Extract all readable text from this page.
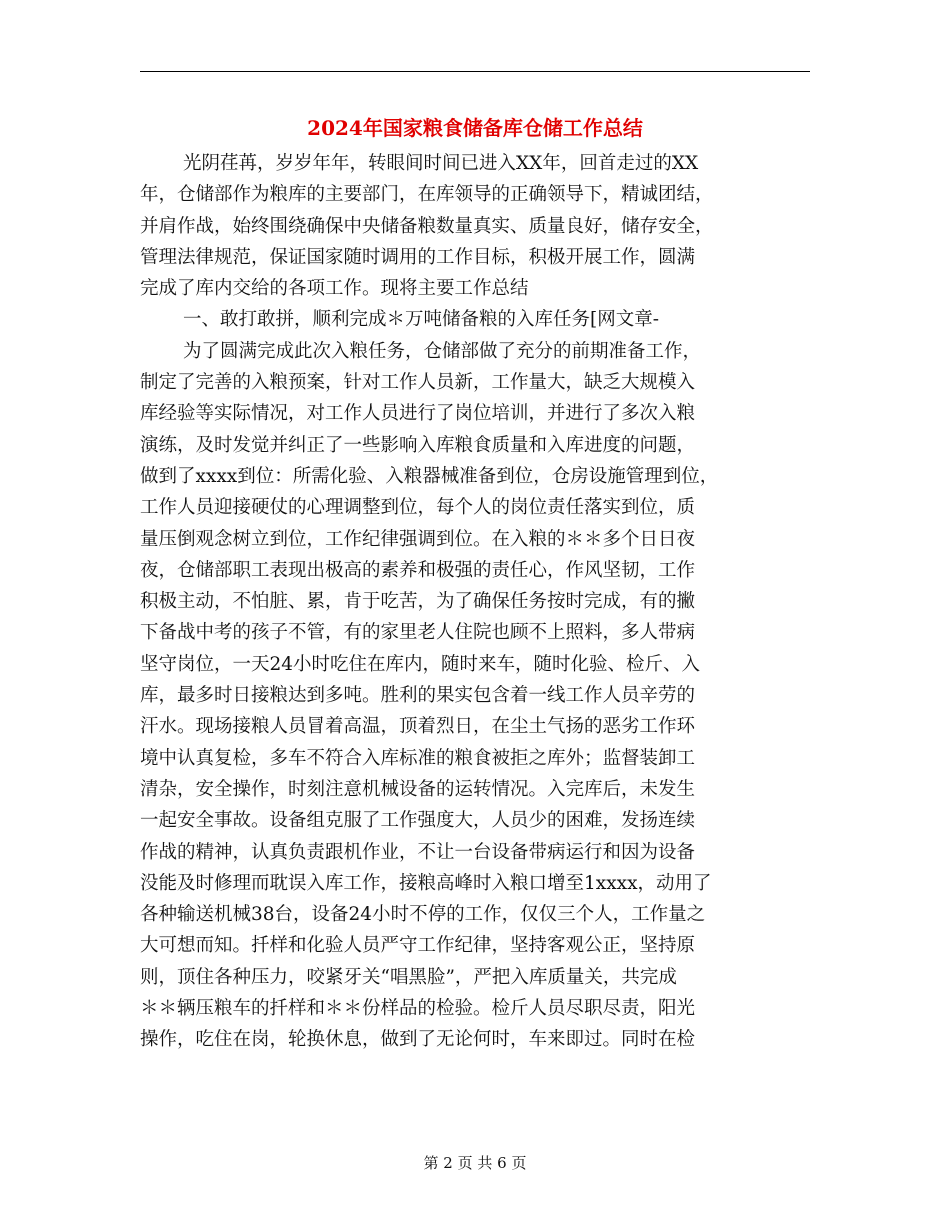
2024年国家粮食储备库仓储工作总结
光阴荏苒，岁岁年年，转眼间时间已进入XX年，回首走过的XX
年，仓储部作为粮库的主要部门，在库领导的正确领导下，精诚团结，
并肩作战，始终围绕确保中央储备粮数量真实、质量良好，储存安全，
管理法律规范，保证国家随时调用的工作目标，积极开展工作，圆满
完成了库内交给的各项工作。现将主要工作总结
一、敢打敢拼，顺利完成＊万吨储备粮的入库任务[网文章-
为了圆满完成此次入粮任务，仓储部做了充分的前期准备工作，
制定了完善的入粮预案，针对工作人员新，工作量大，缺乏大规模入
库经验等实际情况，对工作人员进行了岗位培训，并进行了多次入粮
演练，及时发觉并纠正了一些影响入库粮食质量和入库进度的问题，
做到了xxxx到位：所需化验、入粮器械准备到位，仓房设施管理到位，
工作人员迎接硬仗的心理调整到位，每个人的岗位责任落实到位，质
量压倒观念树立到位，工作纪律强调到位。在入粮的＊＊多个日日夜
夜，仓储部职工表现出极高的素养和极强的责任心，作风坚韧，工作
积极主动，不怕脏、累，肯于吃苦，为了确保任务按时完成，有的撇
下备战中考的孩子不管，有的家里老人住院也顾不上照料，多人带病
坚守岗位，一天24小时吃住在库内，随时来车，随时化验、检斤、入
库，最多时日接粮达到多吨。胜利的果实包含着一线工作人员辛劳的
汗水。现场接粮人员冒着高温，顶着烈日，在尘土气扬的恶劣工作环
境中认真复检，多车不符合入库标准的粮食被拒之库外；监督装卸工
清杂，安全操作，时刻注意机械设备的运转情况。入完库后，未发生
一起安全事故。设备组克服了工作强度大，人员少的困难，发扬连续
作战的精神，认真负责跟机作业，不让一台设备带病运行和因为设备
没能及时修理而耽误入库工作，接粮高峰时入粮口增至1xxxx，动用了
各种输送机械38台，设备24小时不停的工作，仅仅三个人，工作量之
大可想而知。扦样和化验人员严守工作纪律，坚持客观公正，坚持原
则，顶住各种压力，咬紧牙关“唱黑脸”，严把入库质量关，共完成
＊＊辆压粮车的扦样和＊＊份样品的检验。检斤人员尽职尽责，阳光
操作，吃住在岗，轮换休息，做到了无论何时，车来即过。同时在检
第 2 页 共 6 页
